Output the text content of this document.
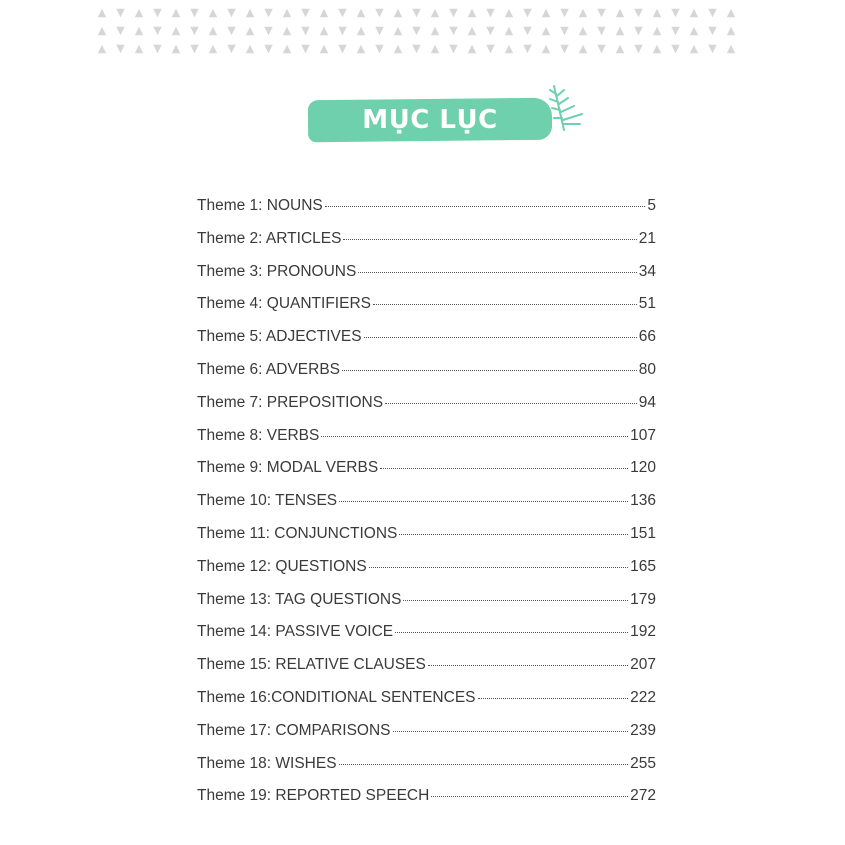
MỤC LỤC
Theme 1: NOUNS	5
Theme 2: ARTICLES	21
Theme 3: PRONOUNS	34
Theme 4: QUANTIFIERS	51
Theme 5: ADJECTIVES	66
Theme 6: ADVERBS	80
Theme 7: PREPOSITIONS	94
Theme 8: VERBS	107
Theme 9: MODAL VERBS	120
Theme 10: TENSES	136
Theme 11: CONJUNCTIONS	151
Theme 12: QUESTIONS	165
Theme 13: TAG QUESTIONS	179
Theme 14: PASSIVE VOICE	192
Theme 15: RELATIVE CLAUSES	207
Theme 16:CONDITIONAL SENTENCES	222
Theme 17: COMPARISONS	239
Theme 18: WISHES	255
Theme 19: REPORTED SPEECH	272
